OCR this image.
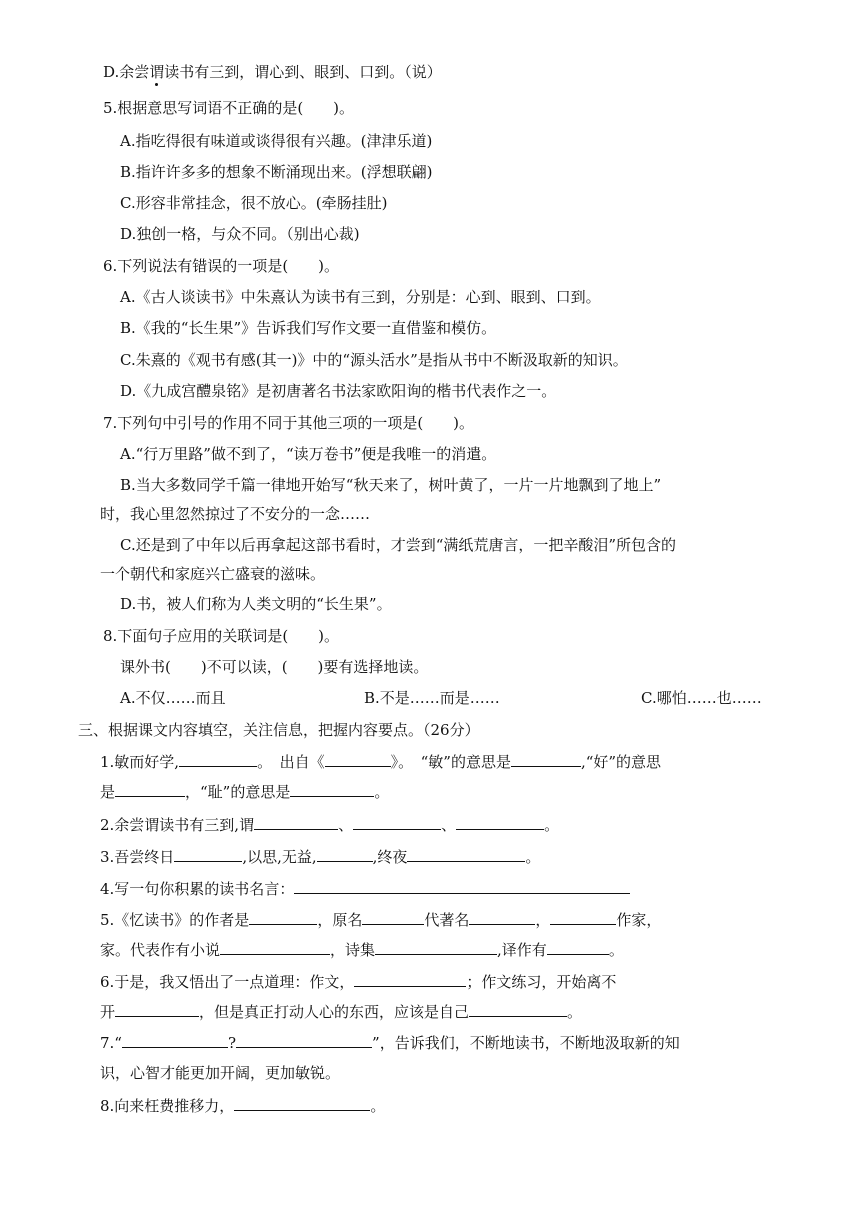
D.余尝谓读书有三到，谓心到、眼到、口到。（说）
5.根据意思写词语不正确的是(　　)。
A.指吃得很有味道或谈得很有兴趣。(津津乐道)
B.指许许多多的想象不断涌现出来。(浮想联翩)
C.形容非常挂念，很不放心。(牵肠挂肚)
D.独创一格，与众不同。（别出心裁)
6.下列说法有错误的一项是(　　)。
A.《古人谈读书》中朱熹认为读书有三到，分别是：心到、眼到、口到。
B.《我的“长生果”》告诉我们写作文要一直借鉴和模仿。
C.朱熹的《观书有感(其一)》中的“源头活水”是指从书中不断汲取新的知识。
D.《九成宫醴泉铭》是初唐著名书法家欧阳询的楷书代表作之一。
7.下列句中引号的作用不同于其他三项的一项是(　　)。
A.“行万里路”做不到了，“读万卷书”便是我唯一的消遣。
B.当大多数同学千篇一律地开始写“秋天来了，树叶黄了，一片一片地飘到了地上”
时，我心里忽然掠过了不安分的一念……
C.还是到了中年以后再拿起这部书看时，才尝到“满纸荒唐言，一把辛酸泪”所包含的
一个朝代和家庭兴亡盛衰的滋味。
D.书，被人们称为人类文明的“长生果”。
8.下面句子应用的关联词是(　　)。
课外书(　　)不可以读，(　　)要有选择地读。
A.不仅……而且	B.不是……而是……	C.哪怕……也……
三、根据课文内容填空，关注信息，把握内容要点。（26分）
1.敏而好学,	。　出自《	》。　“敏”的意思是	,“好”的意思
是	，“耻”的意思是	。
2.余尝谓读书有三到,谓	、	、	。
3.吾尝终日	,以思,无益,	,终夜	。
4.写一句你积累的读书名言：
5.《忆读书》的作者是	，原名	代著名	，	作家，
家。代表作有小说	，诗集	,译作有	。
6.于是，我又悟出了一点道理：作文，	；作文练习，开始离不
开	，但是真正打动人心的东西，应该是自己	。
7.“	?	”，告诉我们，不断地读书，不断地汲取新的知
识，心智才能更加开阔，更加敏锐。
8.向来枉费推移力，	。
